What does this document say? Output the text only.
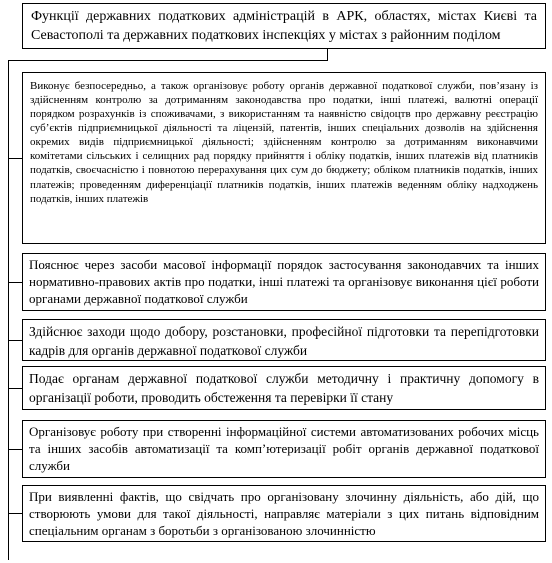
Функції державних податкових адміністрацій в АРК, областях, містах Києві та Севастополі та державних податкових інспекціях у містах з районним поділом
Виконує безпосередньо, а також організовує роботу органів державної податкової служби, пов’язану із здійсненням контролю за дотриманням законодавства про податки, інші платежі, валютні операції порядком розрахунків із споживачами, з використанням та наявністю свідоцтв про державну реєстрацію суб’єктів підприємницької діяльності та ліцензій, патентів, інших спеціальних дозволів на здійснення окремих видів підприємницької діяльності; здійсненням контролю за дотриманням виконавчими комітетами сільських і селищних рад порядку прийняття і обліку податків, інших платежів від платників податків, своєчасністю і повнотою перерахування цих сум до бюджету; обліком платників податків, інших платежів; проведенням диференціації платників податків, інших платежів веденням обліку надходжень податків, інших платежів
Пояснює через засоби масової інформації порядок застосування законодавчих та інших нормативно-правових актів про податки, інші платежі та організовує виконання цієї роботи органами державної податкової служби
Здійснює заходи щодо добору, розстановки, професійної підготовки та перепідготовки кадрів для органів державної податкової служби
Подає органам державної податкової служби методичну і практичну допомогу в організації роботи, проводить обстеження та перевірки її стану
Організовує роботу при створенні інформаційної системи автоматизованих робочих місць та інших засобів автоматизації та комп’ютеризації робіт органів державної податкової служби
При виявленні фактів, що свідчать про організовану злочинну діяльність, або дій, що створюють умови для такої діяльності, направляє матеріали з цих питань відповідним спеціальним органам з боротьби з організованою злочинністю
